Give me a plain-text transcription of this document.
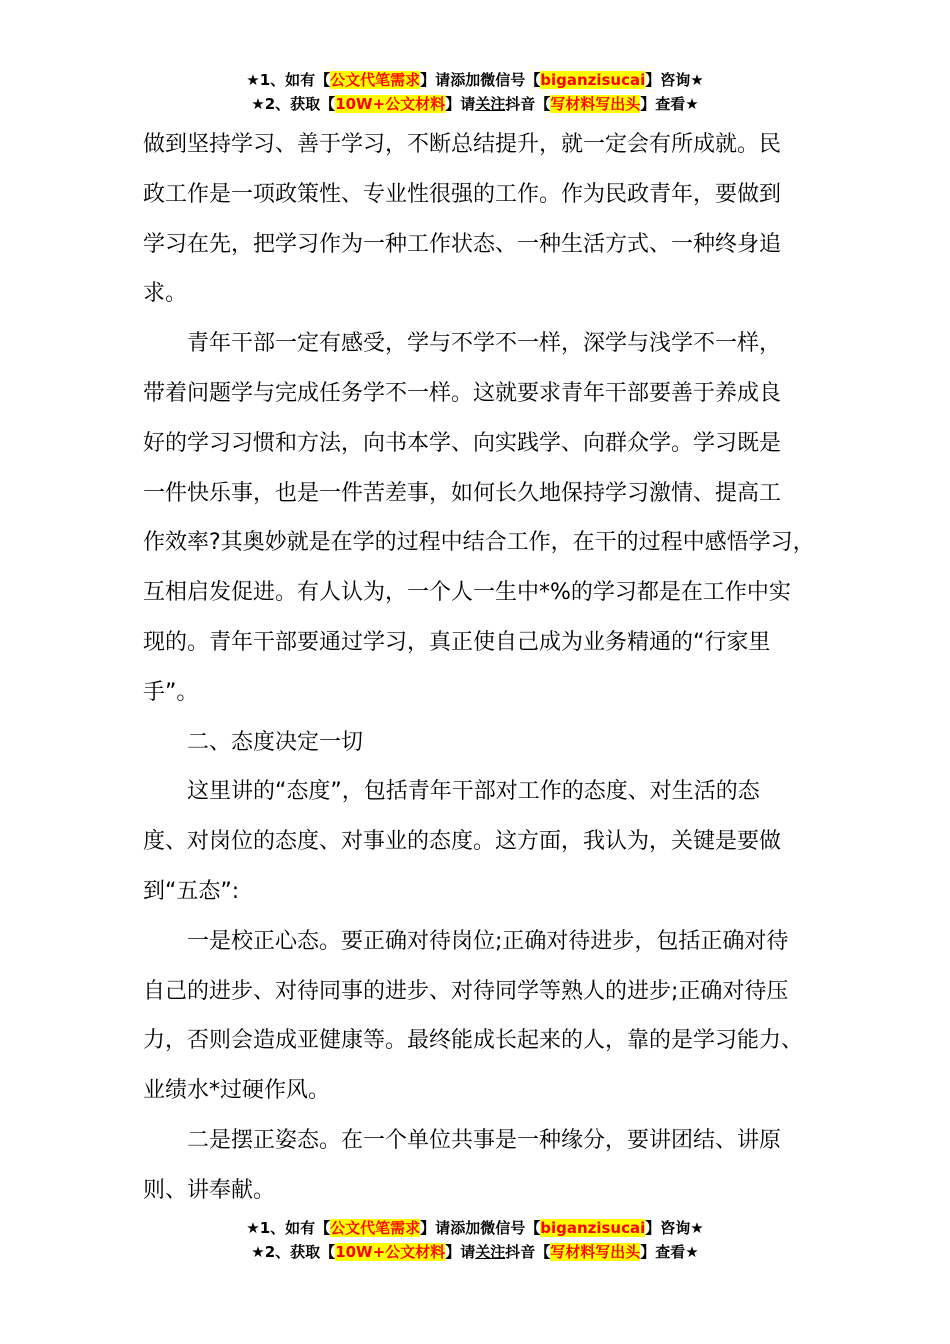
★1、如有【公文代笔需求】请添加微信号【biganzisucai】咨询★
★2、获取【10W+公文材料】请关注抖音【写材料写出头】查看★

做到坚持学习、善于学习，不断总结提升，就一定会有所成就。民

政工作是一项政策性、专业性很强的工作。作为民政青年，要做到

学习在先，把学习作为一种工作状态、一种生活方式、一种终身追

求。

青年干部一定有感受，学与不学不一样，深学与浅学不一样，

带着问题学与完成任务学不一样。这就要求青年干部要善于养成良

好的学习习惯和方法，向书本学、向实践学、向群众学。学习既是

一件快乐事，也是一件苦差事，如何长久地保持学习激情、提高工

作效率?其奥妙就是在学的过程中结合工作，在干的过程中感悟学习，

互相启发促进。有人认为，一个人一生中*%的学习都是在工作中实

现的。青年干部要通过学习，真正使自己成为业务精通的“行家里

手”。

二、态度决定一切

这里讲的“态度”，包括青年干部对工作的态度、对生活的态

度、对岗位的态度、对事业的态度。这方面，我认为，关键是要做

到“五态”:

一是校正心态。要正确对待岗位;正确对待进步，包括正确对待

自己的进步、对待同事的进步、对待同学等熟人的进步;正确对待压

力，否则会造成亚健康等。最终能成长起来的人，靠的是学习能力、

业绩水*过硬作风。

二是摆正姿态。在一个单位共事是一种缘分，要讲团结、讲原

则、讲奉献。

★1、如有【公文代笔需求】请添加微信号【biganzisucai】咨询★
★2、获取【10W+公文材料】请关注抖音【写材料写出头】查看★
